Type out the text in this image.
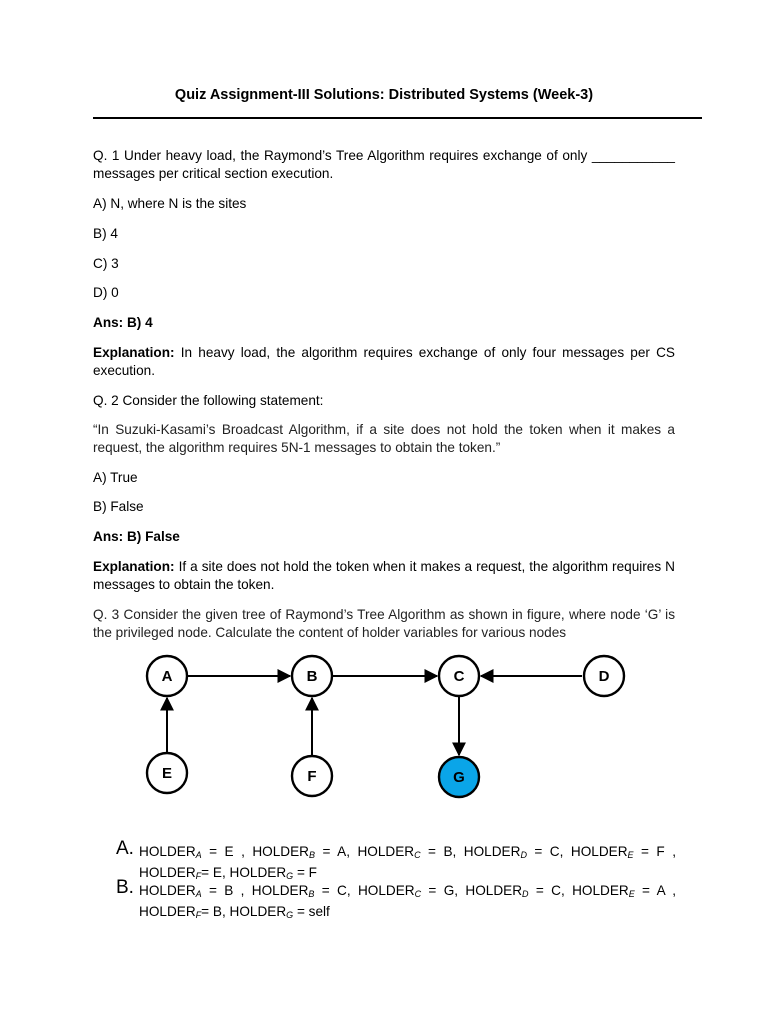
Quiz Assignment-III Solutions: Distributed Systems (Week-3)

Q. 1 Under heavy load, the Raymond’s Tree Algorithm requires exchange of only ___________ messages per critical section execution.

A) N, where N is the sites

B) 4

C) 3

D) 0

Ans: B) 4

Explanation: In heavy load, the algorithm requires exchange of only four messages per CS execution.

Q. 2 Consider the following statement:

“In Suzuki-Kasami’s Broadcast Algorithm, if a site does not hold the token when it makes a request, the algorithm requires 5N-1 messages to obtain the token.”

A) True

B) False

Ans: B) False

Explanation: If a site does not hold the token when it makes a request, the algorithm requires N messages to obtain the token.

Q. 3 Consider the given tree of Raymond’s Tree Algorithm as shown in figure, where node ‘G’ is the privileged node. Calculate the content of holder variables for various nodes

A	B	C	D
E	F	G
A. $HOLDER_A = E$ , $HOLDER_B = A$, $HOLDER_C = B$, $HOLDER_D = C$, $HOLDER_E = F$ , $HOLDER_F= E$, $HOLDER_G = F$
B. $HOLDER_A = B$ , $HOLDER_B = C$, $HOLDER_C = G$, $HOLDER_D = C$, $HOLDER_E = A$ , $HOLDER_F= B$, $HOLDER_G$ = self
